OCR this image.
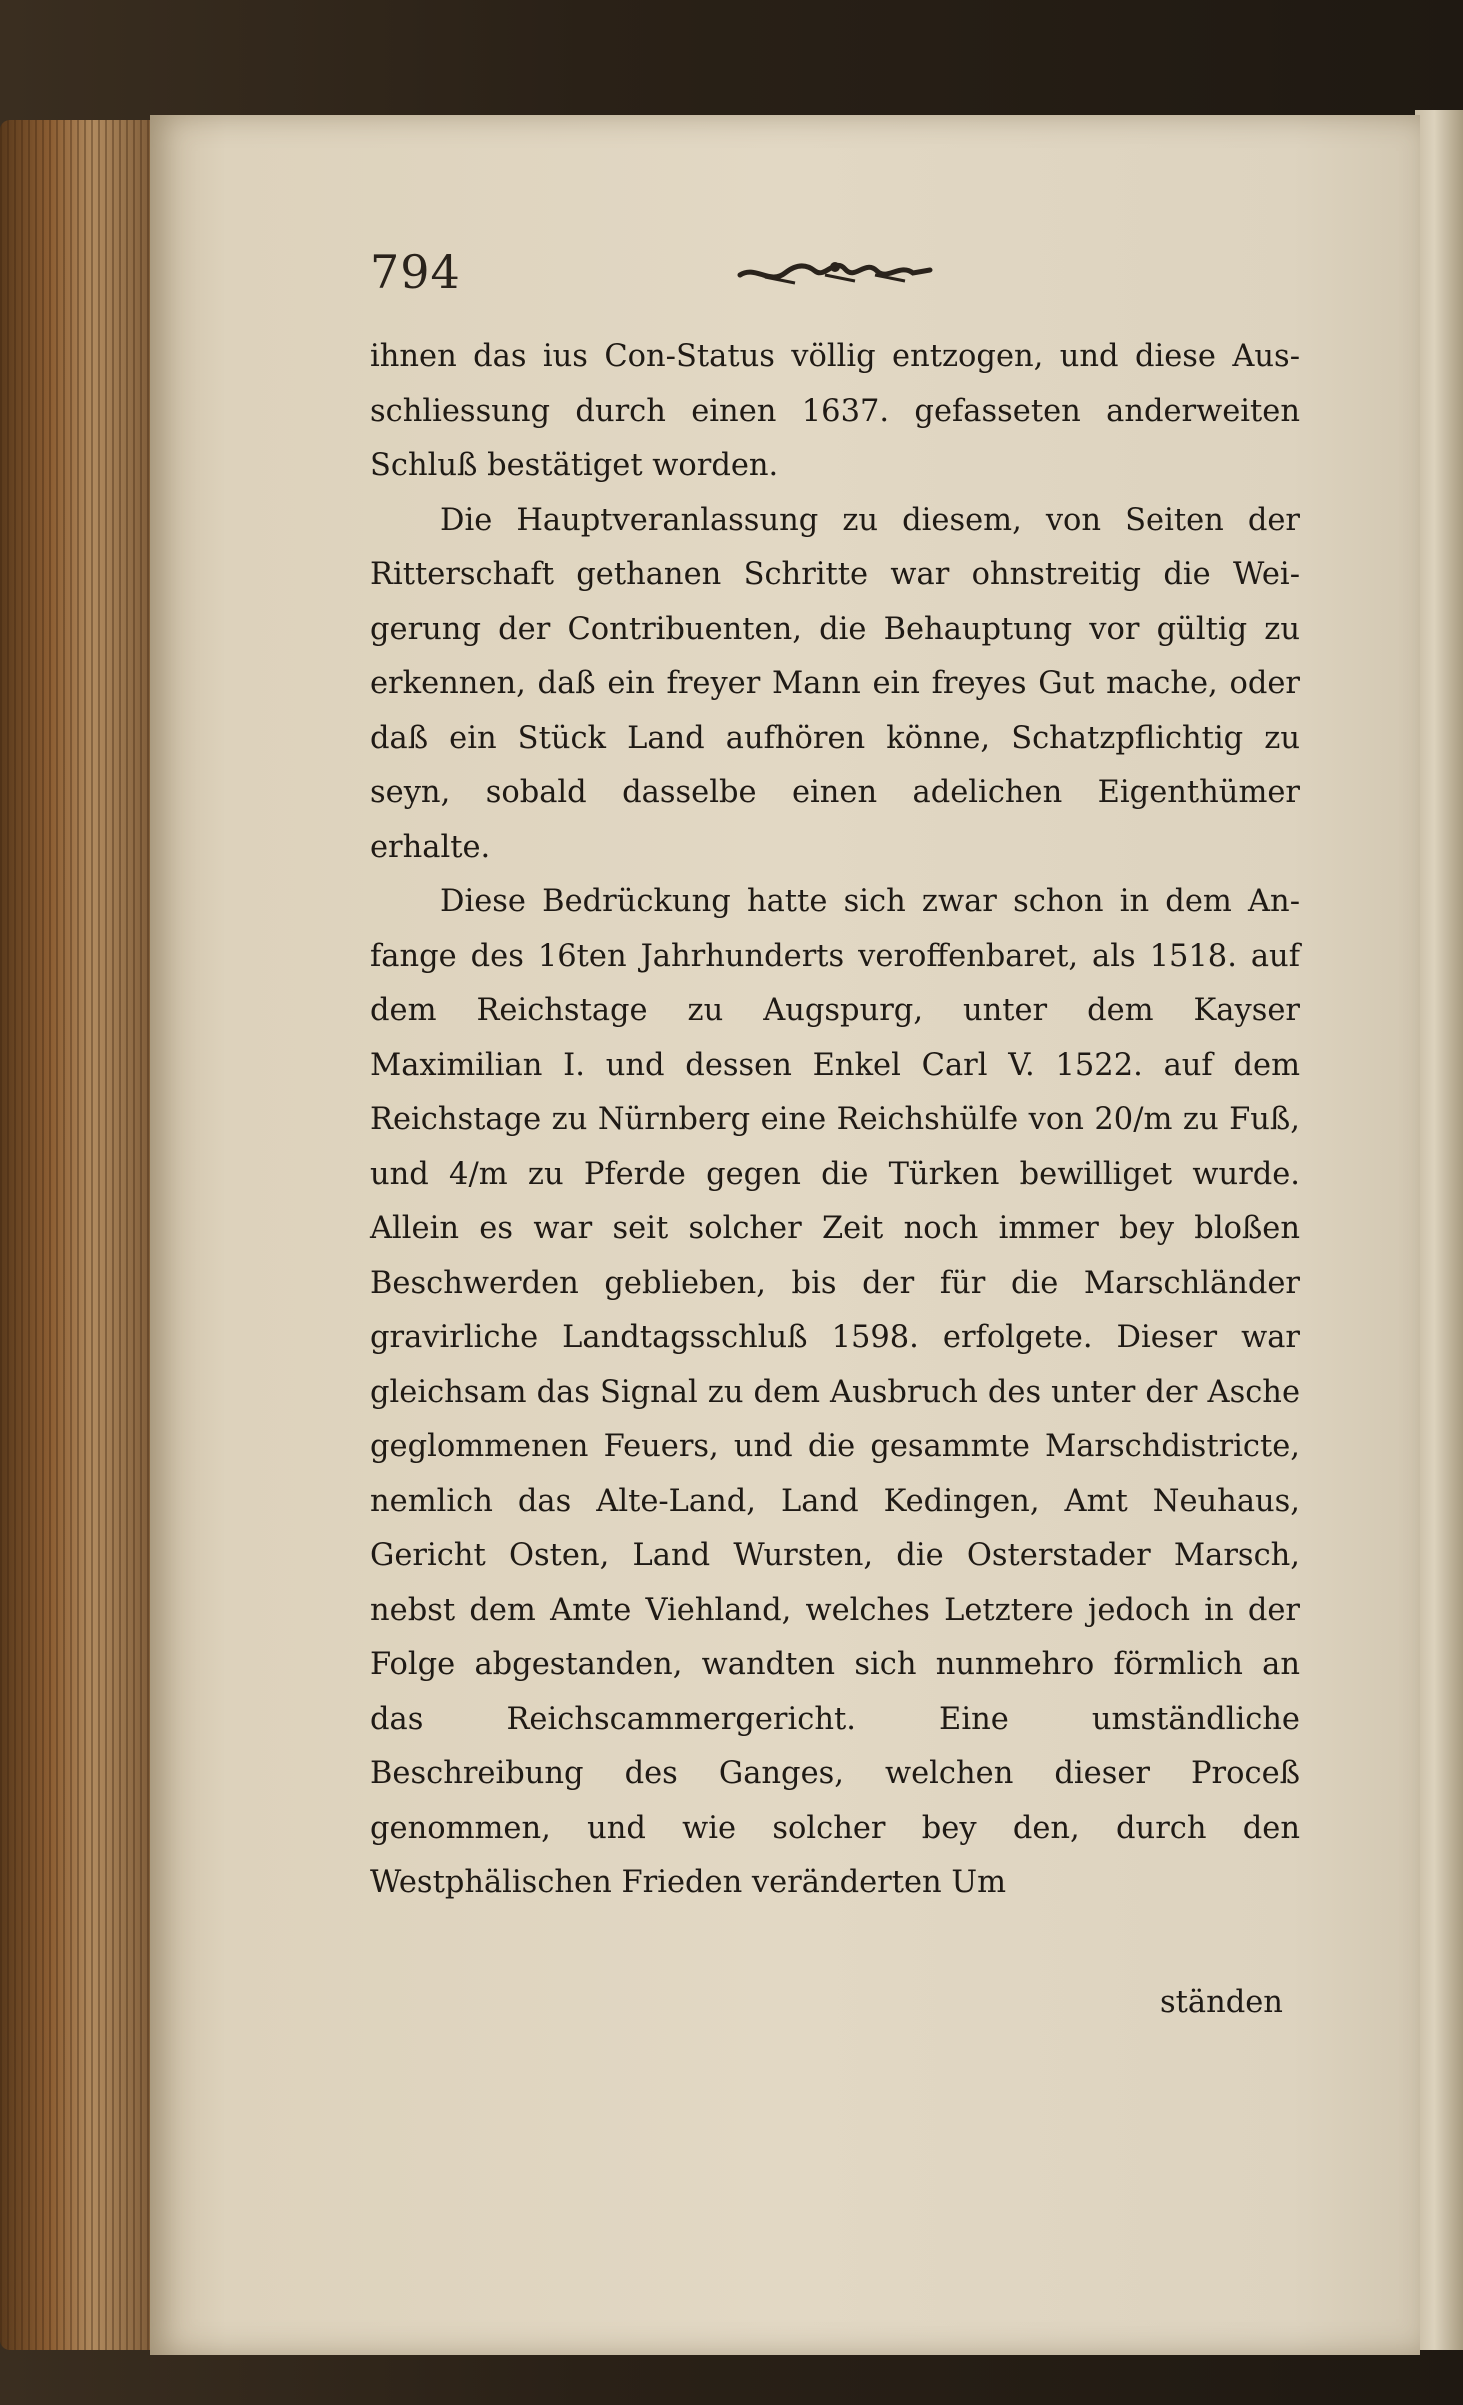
794

ihnen das ius Con-Status völlig entzogen, und diese Ausschliessung durch einen 1637. gefasseten anderweiten Schluß bestätiget worden.

Die Hauptveranlassung zu diesem, von Seiten der Ritterschaft gethanen Schritte war ohnstreitig die Weigerung der Contribuenten, die Behauptung vor gültig zu erkennen, daß ein freyer Mann ein freyes Gut mache, oder daß ein Stück Land aufhören könne, Schatzpflichtig zu seyn, sobald dasselbe einen adelichen Eigenthümer erhalte.

Diese Bedrückung hatte sich zwar schon in dem Anfange des 16ten Jahrhunderts veroffenbaret, als 1518. auf dem Reichstage zu Augspurg, unter dem Kayser Maximilian I. und dessen Enkel Carl V. 1522. auf dem Reichstage zu Nürnberg eine Reichshülfe von 20/m zu Fuß, und 4/m zu Pferde gegen die Türken bewilliget wurde. Allein es war seit solcher Zeit noch immer bey bloßen Beschwerden geblieben, bis der für die Marschländer gravirliche Landtagsschluß 1598. erfolgete. Dieser war gleichsam das Signal zu dem Ausbruch des unter der Asche geglommenen Feuers, und die gesammte Marschdistricte, nemlich das Alte-Land, Land Kedingen, Amt Neuhaus, Gericht Osten, Land Wursten, die Osterstader Marsch, nebst dem Amte Viehland, welches Letztere jedoch in der Folge abgestanden, wandten sich nunmehro förmlich an das Reichscammergericht. Eine umständliche Beschreibung des Ganges, welchen dieser Proceß genommen, und wie solcher bey den, durch den Westphälischen Frieden veränderten Um

ständen
